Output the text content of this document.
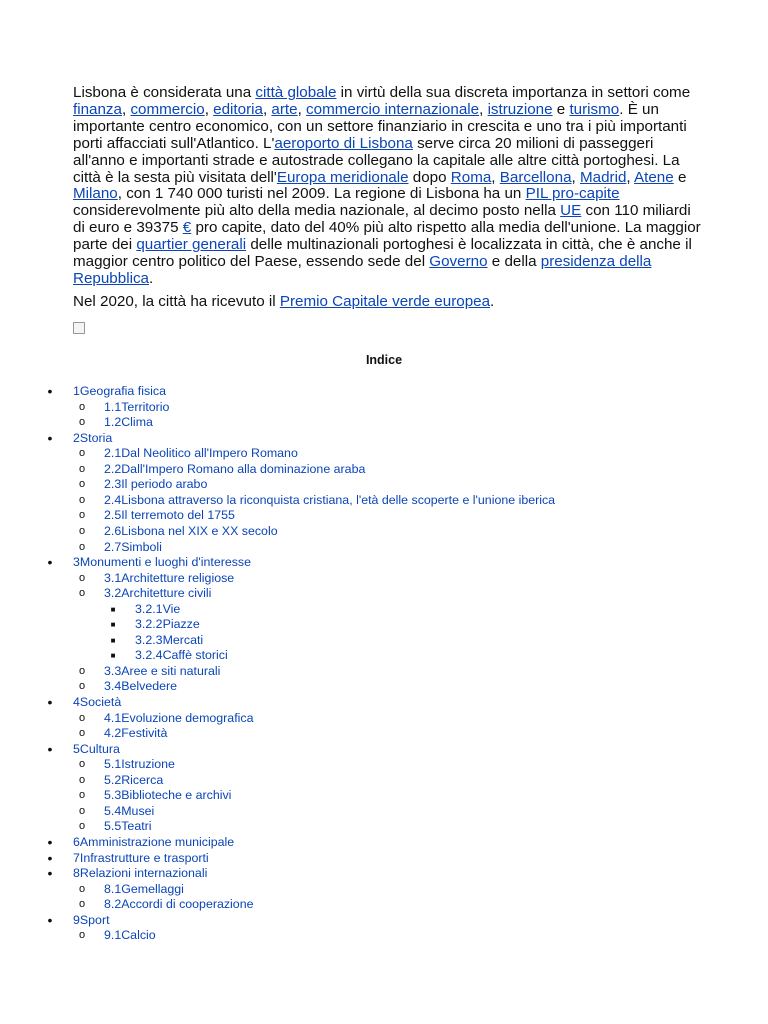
Lisbona è considerata una città globale in virtù della sua discreta importanza in settori come finanza, commercio, editoria, arte, commercio internazionale, istruzione e turismo. È un importante centro economico, con un settore finanziario in crescita e uno tra i più importanti porti affacciati sull'Atlantico. L'aeroporto di Lisbona serve circa 20 milioni di passeggeri all'anno e importanti strade e autostrade collegano la capitale alle altre città portoghesi. La città è la sesta più visitata dell'Europa meridionale dopo Roma, Barcellona, Madrid, Atene e Milano, con 1 740 000 turisti nel 2009. La regione di Lisbona ha un PIL pro-capite considerevolmente più alto della media nazionale, al decimo posto nella UE con 110 miliardi di euro e 39375 € pro capite, dato del 40% più alto rispetto alla media dell'unione. La maggior parte dei quartier generali delle multinazionali portoghesi è localizzata in città, che è anche il maggior centro politico del Paese, essendo sede del Governo e della presidenza della Repubblica.

Nel 2020, la città ha ricevuto il Premio Capitale verde europea.

Indice

• 1Geografia fisica
o 1.1Territorio
o 1.2Clima
• 2Storia
o 2.1Dal Neolitico all'Impero Romano
o 2.2Dall'Impero Romano alla dominazione araba
o 2.3Il periodo arabo
o 2.4Lisbona attraverso la riconquista cristiana, l'età delle scoperte e l'unione iberica
o 2.5Il terremoto del 1755
o 2.6Lisbona nel XIX e XX secolo
o 2.7Simboli
• 3Monumenti e luoghi d'interesse
o 3.1Architetture religiose
o 3.2Architetture civili
■ 3.2.1Vie
■ 3.2.2Piazze
■ 3.2.3Mercati
■ 3.2.4Caffè storici
o 3.3Aree e siti naturali
o 3.4Belvedere
• 4Società
o 4.1Evoluzione demografica
o 4.2Festività
• 5Cultura
o 5.1Istruzione
o 5.2Ricerca
o 5.3Biblioteche e archivi
o 5.4Musei
o 5.5Teatri
• 6Amministrazione municipale
• 7Infrastrutture e trasporti
• 8Relazioni internazionali
o 8.1Gemellaggi
o 8.2Accordi di cooperazione
• 9Sport
o 9.1Calcio
